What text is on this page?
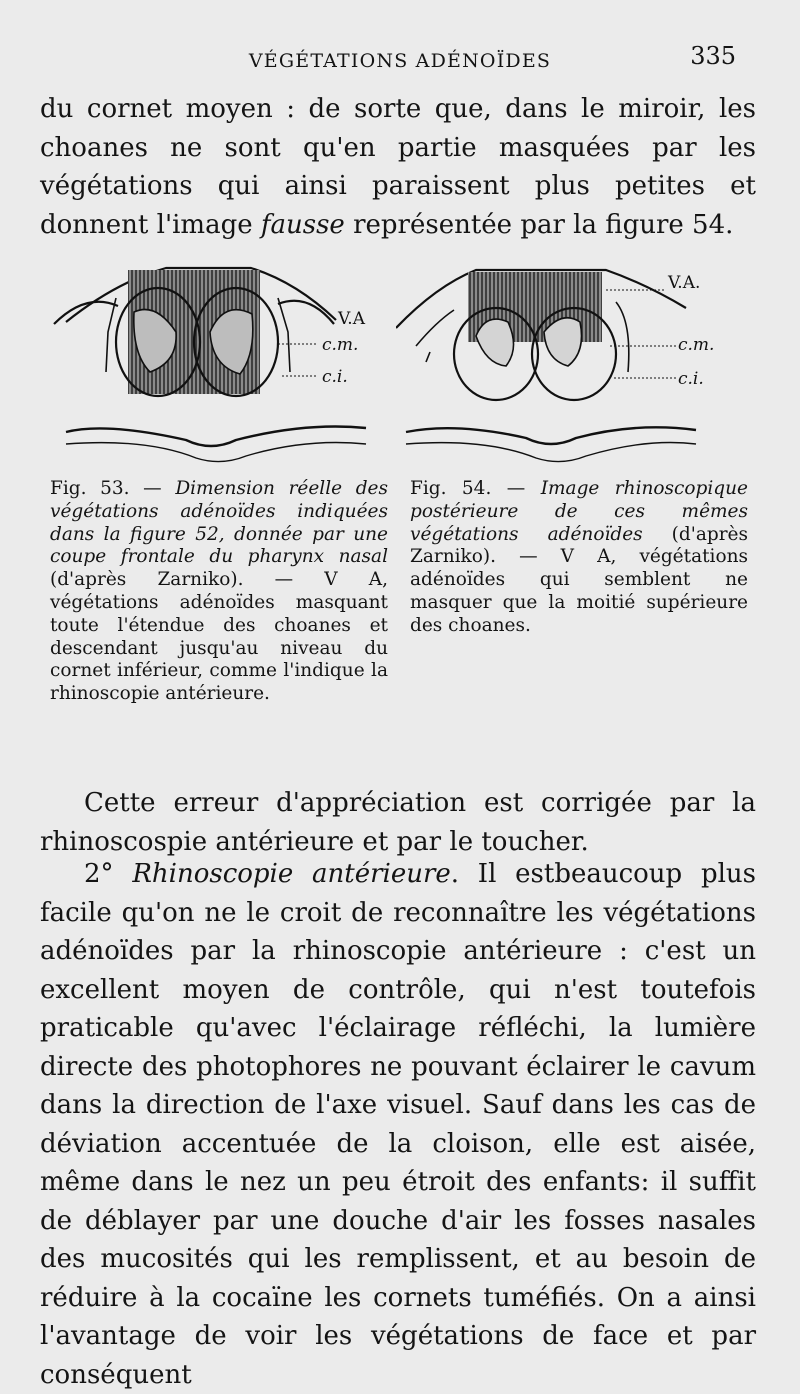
VÉGÉTATIONS ADÉNOÏDES	335
du cornet moyen : de sorte que, dans le miroir, les choanes ne sont qu'en partie masquées par les végétations qui ainsi paraissent plus petites et donnent l'image fausse représentée par la figure 54.
V.A
c.m.
c.i.
V.A.
c.m.
c.i.
Fig. 53. — Dimension réelle des végétations adénoïdes indiquées dans la figure 52, donnée par une coupe frontale du pharynx nasal (d'après Zarniko). — V A, végétations adénoïdes masquant toute l'étendue des choanes et descendant jusqu'au niveau du cornet inférieur, comme l'indique la rhinoscopie antérieure.
Fig. 54. — Image rhinoscopique postérieure de ces mêmes végétations adénoïdes (d'après Zarniko). — V A, végétations adénoïdes qui semblent ne masquer que la moitié supérieure des choanes.
Cette erreur d'appréciation est corrigée par la rhinoscospie antérieure et par le toucher.
2° Rhinoscopie antérieure. Il estbeaucoup plus facile qu'on ne le croit de reconnaître les végétations adénoïdes par la rhinoscopie antérieure : c'est un excellent moyen de contrôle, qui n'est toutefois praticable qu'avec l'éclairage réfléchi, la lumière directe des photophores ne pouvant éclairer le cavum dans la direction de l'axe visuel. Sauf dans les cas de déviation accentuée de la cloison, elle est aisée, même dans le nez un peu étroit des enfants: il suffit de déblayer par une douche d'air les fosses nasales des mucosités qui les remplissent, et au besoin de réduire à la cocaïne les cornets tuméfiés. On a ainsi l'avantage de voir les végétations de face et par conséquent
